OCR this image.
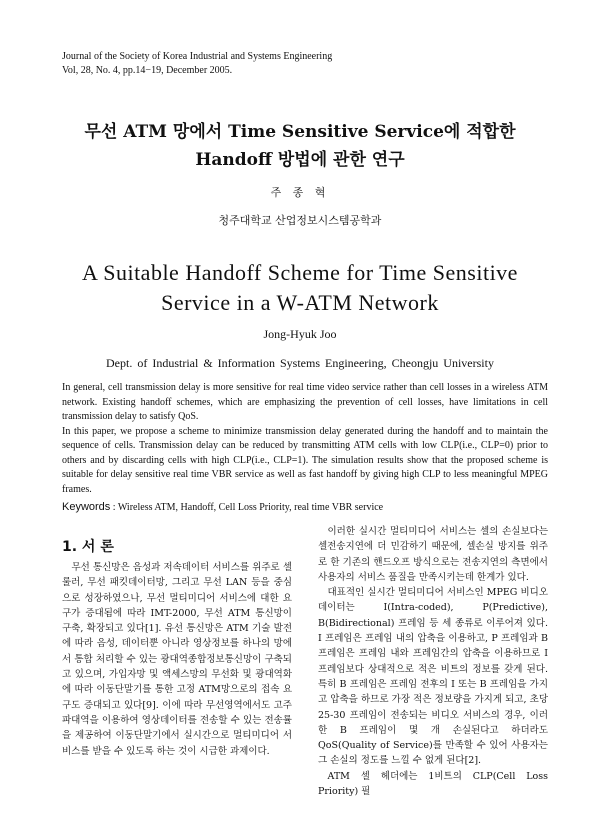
Journal of the Society of Korea Industrial and Systems Engineering
Vol, 28, No. 4, pp.14−19, December 2005.
무선 ATM 망에서 Time Sensitive Service에 적합한
Handoff 방법에 관한 연구
주 종 혁
청주대학교 산업정보시스템공학과
A Suitable Handoff Scheme for Time Sensitive
Service in a W-ATM Network
Jong-Hyuk Joo
Dept. of Industrial & Information Systems Engineering, Cheongju University

In general, cell transmission delay is more sensitive for real time video service rather than cell losses in a wireless ATM network. Existing handoff schemes, which are emphasizing the prevention of cell losses, have limitations in cell transmission delay to satisfy QoS.

In this paper, we propose a scheme to minimize transmission delay generated during the handoff and to maintain the sequence of cells. Transmission delay can be reduced by transmitting ATM cells with low CLP(i.e., CLP=0) prior to others and by discarding cells with high CLP(i.e., CLP=1). The simulation results show that the proposed scheme is suitable for delay sensitive real time VBR service as well as fast handoff by giving high CLP to less meaningful MPEG frames.

Keywords : Wireless ATM, Handoff, Cell Loss Priority, real time VBR service
1. 서 론

무선 통신망은 음성과 저속데이터 서비스를 위주로 셀룰러, 무선 패킷데이터망, 그리고 무선 LAN 등을 중심으로 성장하였으나, 무선 멀티미디어 서비스에 대한 요구가 증대됨에 따라 IMT-2000, 무선 ATM 통신망이 구축, 확장되고 있다[1]. 유선 통신망은 ATM 기술 발전에 따라 음성, 데이터뿐 아니라 영상정보를 하나의 망에서 통합 처리할 수 있는 광대역종합정보통신망이 구축되고 있으며, 가입자망 및 액세스망의 무선화 및 광대역화에 따라 이동단말기를 통한 고정 ATM망으로의 접속 요구도 증대되고 있다[9]. 이에 따라 무선영역에서도 고주파대역을 이용하여 영상데이터를 전송할 수 있는 전송률을 제공하여 이동단말기에서 실시간으로 멀티미디어 서비스를 받을 수 있도록 하는 것이 시급한 과제이다.

이러한 실시간 멀티미디어 서비스는 셀의 손실보다는 셀전송지연에 더 민감하기 때문에, 셀손실 방지를 위주로 한 기존의 핸드오프 방식으로는 전송지연의 측면에서 사용자의 서비스 품질을 만족시키는데 한계가 있다.

대표적인 실시간 멀티미디어 서비스인 MPEG 비디오 데이터는 I(Intra-coded), P(Predictive), B(Bidirectional) 프레임 등 세 종류로 이루어져 있다. I 프레임은 프레임 내의 압축을 이용하고, P 프레임과 B 프레임은 프레임 내와 프레임간의 압축을 이용하므로 I 프레임보다 상대적으로 적은 비트의 정보를 갖게 된다. 특히 B 프레임은 프레임 전후의 I 또는 B 프레임을 가지고 압축을 하므로 가장 적은 정보량을 가지게 되고, 초당 25-30 프레임이 전송되는 비디오 서비스의 경우, 이러한 B 프레임이 몇 개 손실된다고 하더라도 QoS(Quality of Service)를 만족할 수 있어 사용자는 그 손실의 정도를 느낄 수 없게 된다[2].

ATM 셀 헤더에는 1비트의 CLP(Cell Loss Priority) 필
